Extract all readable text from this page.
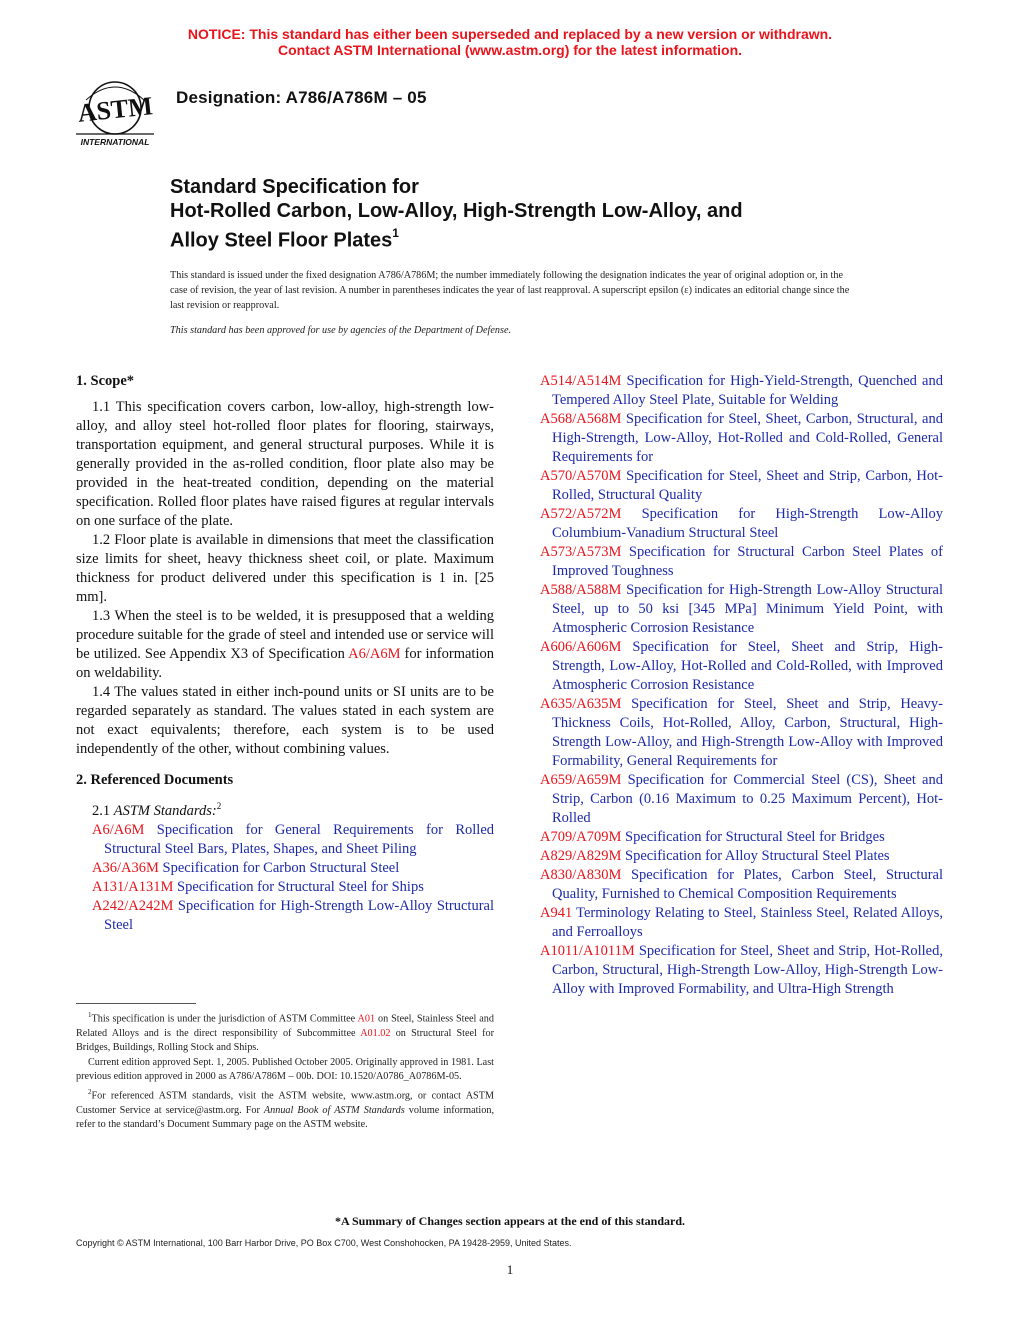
NOTICE: This standard has either been superseded and replaced by a new version or withdrawn.
Contact ASTM International (www.astm.org) for the latest information.
ASTM
INTERNATIONAL
Designation: A786/A786M – 05
Standard Specification for
Hot-Rolled Carbon, Low-Alloy, High-Strength Low-Alloy, and
Alloy Steel Floor Plates$^1$
This standard is issued under the fixed designation A786/A786M; the number immediately following the designation indicates the year of original adoption or, in the case of revision, the year of last revision. A number in parentheses indicates the year of last reapproval. A superscript epsilon (ε) indicates an editorial change since the last revision or reapproval.
This standard has been approved for use by agencies of the Department of Defense.
1. Scope*

1.1 This specification covers carbon, low-alloy, high-strength low-alloy, and alloy steel hot-rolled floor plates for flooring, stairways, transportation equipment, and general structural purposes. While it is generally provided in the as-rolled condition, floor plate also may be provided in the heat-treated condition, depending on the material specification. Rolled floor plates have raised figures at regular intervals on one surface of the plate.

1.2 Floor plate is available in dimensions that meet the classification size limits for sheet, heavy thickness sheet coil, or plate. Maximum thickness for product delivered under this specification is 1 in. [25 mm].

1.3 When the steel is to be welded, it is presupposed that a welding procedure suitable for the grade of steel and intended use or service will be utilized. See Appendix X3 of Specification A6/A6M for information on weldability.

1.4 The values stated in either inch-pound units or SI units are to be regarded separately as standard. The values stated in each system are not exact equivalents; therefore, each system is to be used independently of the other, without combining values.

2. Referenced Documents
2.1 ASTM Standards:$^2$

A6/A6M Specification for General Requirements for Rolled Structural Steel Bars, Plates, Shapes, and Sheet Piling

A36/A36M Specification for Carbon Structural Steel

A131/A131M Specification for Structural Steel for Ships

A242/A242M Specification for High-Strength Low-Alloy Structural Steel

A514/A514M Specification for High-Yield-Strength, Quenched and Tempered Alloy Steel Plate, Suitable for Welding

A568/A568M Specification for Steel, Sheet, Carbon, Structural, and High-Strength, Low-Alloy, Hot-Rolled and Cold-Rolled, General Requirements for

A570/A570M Specification for Steel, Sheet and Strip, Carbon, Hot-Rolled, Structural Quality

A572/A572M Specification for High-Strength Low-Alloy Columbium-Vanadium Structural Steel

A573/A573M Specification for Structural Carbon Steel Plates of Improved Toughness

A588/A588M Specification for High-Strength Low-Alloy Structural Steel, up to 50 ksi [345 MPa] Minimum Yield Point, with Atmospheric Corrosion Resistance

A606/A606M Specification for Steel, Sheet and Strip, High-Strength, Low-Alloy, Hot-Rolled and Cold-Rolled, with Improved Atmospheric Corrosion Resistance

A635/A635M Specification for Steel, Sheet and Strip, Heavy-Thickness Coils, Hot-Rolled, Alloy, Carbon, Structural, High-Strength Low-Alloy, and High-Strength Low-Alloy with Improved Formability, General Requirements for

A659/A659M Specification for Commercial Steel (CS), Sheet and Strip, Carbon (0.16 Maximum to 0.25 Maximum Percent), Hot-Rolled

A709/A709M Specification for Structural Steel for Bridges

A829/A829M Specification for Alloy Structural Steel Plates

A830/A830M Specification for Plates, Carbon Steel, Structural Quality, Furnished to Chemical Composition Requirements

A941 Terminology Relating to Steel, Stainless Steel, Related Alloys, and Ferroalloys

A1011/A1011M Specification for Steel, Sheet and Strip, Hot-Rolled, Carbon, Structural, High-Strength Low-Alloy, High-Strength Low-Alloy with Improved Formability, and Ultra-High Strength

$^1$This specification is under the jurisdiction of ASTM Committee A01 on Steel, Stainless Steel and Related Alloys and is the direct responsibility of Subcommittee A01.02 on Structural Steel for Bridges, Buildings, Rolling Stock and Ships.

Current edition approved Sept. 1, 2005. Published October 2005. Originally approved in 1981. Last previous edition approved in 2000 as A786/A786M – 00b. DOI: 10.1520/A0786_A0786M-05.

$^2$For referenced ASTM standards, visit the ASTM website, www.astm.org, or contact ASTM Customer Service at service@astm.org. For Annual Book of ASTM Standards volume information, refer to the standard’s Document Summary page on the ASTM website.

*A Summary of Changes section appears at the end of this standard.
Copyright © ASTM International, 100 Barr Harbor Drive, PO Box C700, West Conshohocken, PA 19428-2959, United States.
1
